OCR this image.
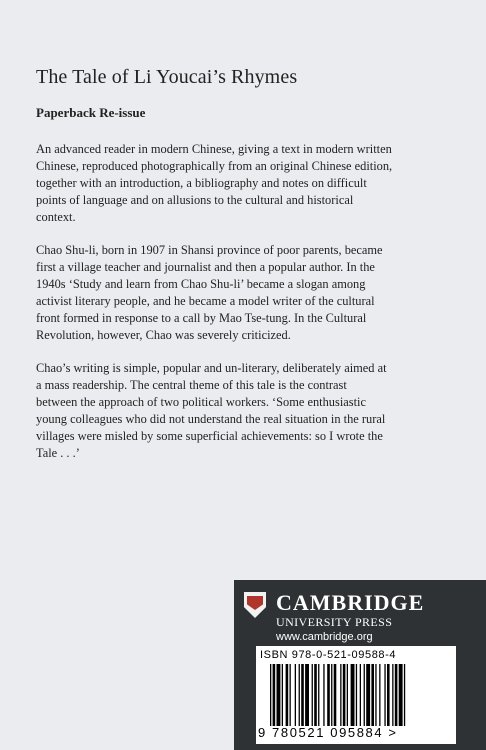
The Tale of Li Youcai’s Rhymes
Paperback Re-issue

An advanced reader in modern Chinese, giving a text in modern written
Chinese, reproduced photographically from an original Chinese edition,
together with an introduction, a bibliography and notes on difficult
points of language and on allusions to the cultural and historical
context.

Chao Shu-li, born in 1907 in Shansi province of poor parents, became
first a village teacher and journalist and then a popular author. In the
1940s ‘Study and learn from Chao Shu-li’ became a slogan among
activist literary people, and he became a model writer of the cultural
front formed in response to a call by Mao Tse-tung. In the Cultural
Revolution, however, Chao was severely criticized.

Chao’s writing is simple, popular and un-literary, deliberately aimed at
a mass readership. The central theme of this tale is the contrast
between the approach of two political workers. ‘Some enthusiastic
young colleagues who did not understand the real situation in the rural
villages were misled by some superficial achievements: so I wrote the
Tale . . .’

CAMBRIDGE
UNIVERSITY PRESS
www.cambridge.org
ISBN 978-0-521-09588-4
9 780521 095884 >
